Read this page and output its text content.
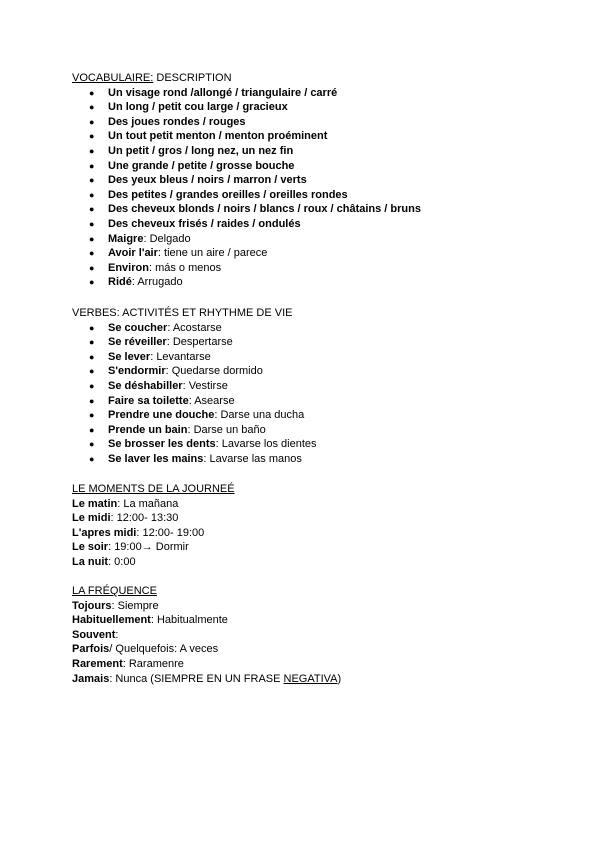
VOCABULAIRE: DESCRIPTION
● Un visage rond /allongé / triangulaire / carré
● Un long / petit cou large / gracieux
● Des joues rondes / rouges
● Un tout petit menton / menton proéminent
● Un petit / gros / long nez, un nez fin
● Une grande / petite / grosse bouche
● Des yeux bleus / noirs / marron / verts
● Des petites / grandes oreilles / oreilles rondes
● Des cheveux blonds / noirs / blancs / roux / châtains / bruns
● Des cheveux frisés / raides / ondulés
● Maigre: Delgado
● Avoir l'air: tiene un aire / parece
● Environ: más o menos
● Ridé: Arrugado
VERBES: ACTIVITÉS ET RHYTHME DE VIE
● Se coucher: Acostarse
● Se réveiller: Despertarse
● Se lever: Levantarse
● S'endormir: Quedarse dormido
● Se déshabiller: Vestirse
● Faire sa toilette: Asearse
● Prendre une douche: Darse una ducha
● Prende un bain: Darse un baño
● Se brosser les dents: Lavarse los dientes
● Se laver les mains: Lavarse las manos
LE MOMENTS DE LA JOURNEÉ
Le matin: La mañana
Le midi: 12:00- 13:30
L'apres midi: 12:00- 19:00
Le soir: 19:00→ Dormir
La nuit: 0:00
LA FRÉQUENCE
Tojours: Siempre
Habituellement: Habitualmente
Souvent:
Parfois/ Quelquefois: A veces
Rarement: Raramenre
Jamais: Nunca (SIEMPRE EN UN FRASE NEGATIVA)
